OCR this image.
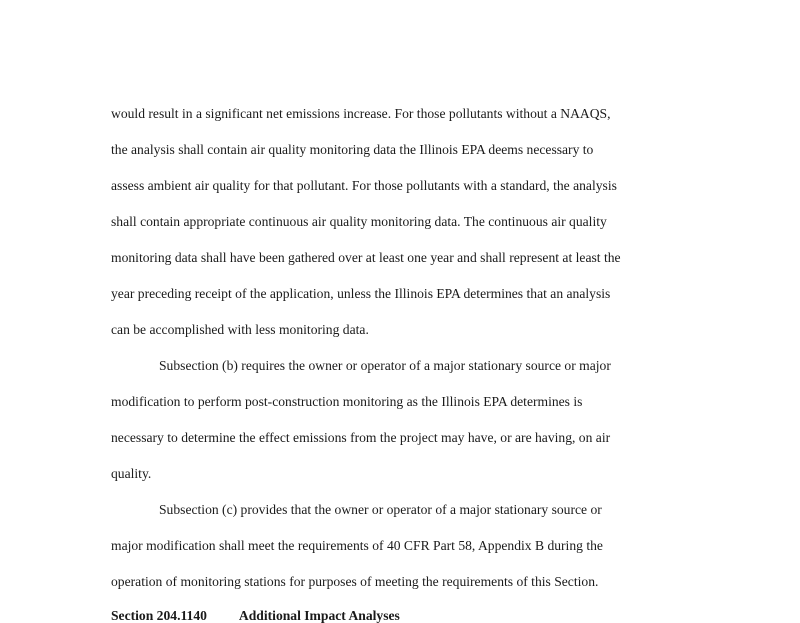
would result in a significant net emissions increase. For those pollutants without a NAAQS,
the analysis shall contain air quality monitoring data the Illinois EPA deems necessary to
assess ambient air quality for that pollutant. For those pollutants with a standard, the analysis
shall contain appropriate continuous air quality monitoring data. The continuous air quality
monitoring data shall have been gathered over at least one year and shall represent at least the
year preceding receipt of the application, unless the Illinois EPA determines that an analysis
can be accomplished with less monitoring data.
Subsection (b) requires the owner or operator of a major stationary source or major
modification to perform post-construction monitoring as the Illinois EPA determines is
necessary to determine the effect emissions from the project may have, or are having, on air
quality.
Subsection (c) provides that the owner or operator of a major stationary source or
major modification shall meet the requirements of 40 CFR Part 58, Appendix B during the
operation of monitoring stations for purposes of meeting the requirements of this Section.
Section 204.1140 Additional Impact Analyses
